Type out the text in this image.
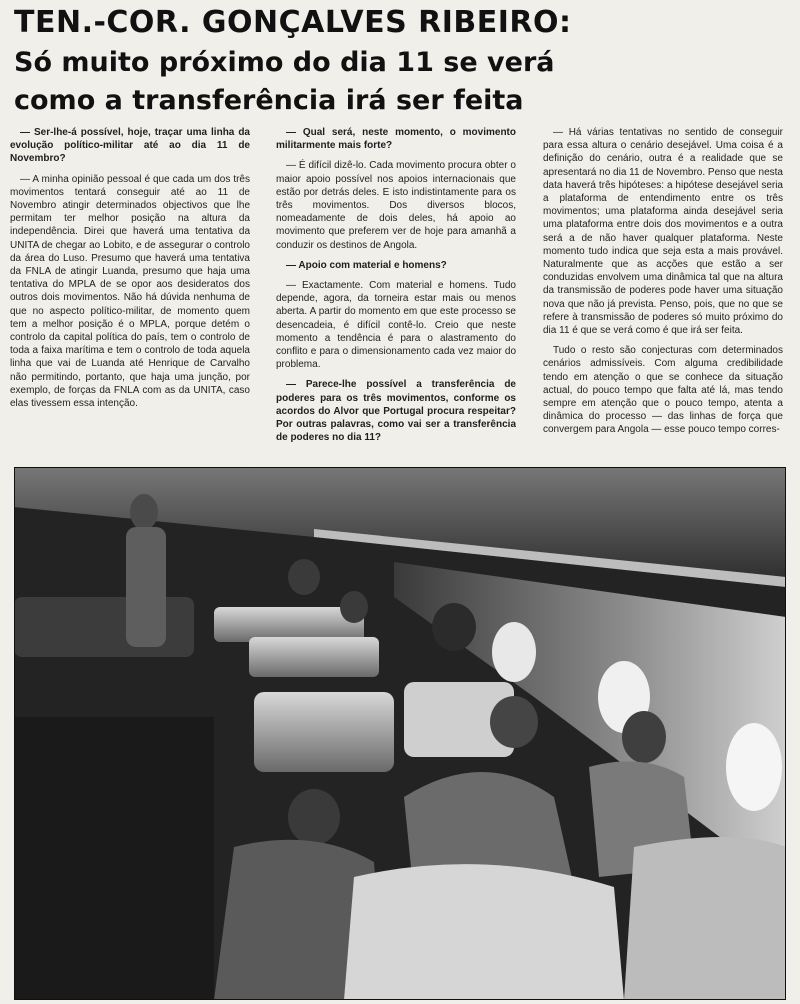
TEN.-COR. GONÇALVES RIBEIRO:
Só muito próximo do dia 11 se verá
como a transferência irá ser feita

— Ser-lhe-á possível, hoje, traçar uma linha da evolução político-militar até ao dia 11 de Novembro?

— A minha opinião pessoal é que cada um dos três movimentos tentará conseguir até ao 11 de Novembro atingir determinados objectivos que lhe permitam ter melhor posição na altura da independência. Direi que haverá uma tentativa da UNITA de chegar ao Lobito, e de assegurar o controlo da área do Luso. Presumo que haverá uma tentativa da FNLA de atingir Luanda, presumo que haja uma tentativa do MPLA de se opor aos desideratos dos outros dois movimentos. Não há dúvida nenhuma de que no aspecto político-militar, de momento quem tem a melhor posição é o MPLA, porque detém o controlo da capital política do país, tem o controlo de toda a faixa marítima e tem o controlo de toda aquela linha que vai de Luanda até Henrique de Carvalho não permitindo, portanto, que haja uma junção, por exemplo, de forças da FNLA com as da UNITA, caso elas tivessem essa intenção.

— Qual será, neste momento, o movimento militarmente mais forte?

— É difícil dizê-lo. Cada movimento procura obter o maior apoio possível nos apoios internacionais que estão por detrás deles. E isto indistintamente para os três movimentos. Dos diversos blocos, nomeadamente de dois deles, há apoio ao movimento que preferem ver de hoje para amanhã a conduzir os destinos de Angola.

— Apoio com material e homens?

— Exactamente. Com material e homens. Tudo depende, agora, da torneira estar mais ou menos aberta. A partir do momento em que este processo se desencadeia, é difícil contê-lo. Creio que neste momento a tendência é para o alastramento do conflito e para o dimensionamento cada vez maior do problema.

— Parece-lhe possível a transferência de poderes para os três movimentos, conforme os acordos do Alvor que Portugal procura respeitar? Por outras palavras, como vai ser a transferência de poderes no dia 11?

— Há várias tentativas no sentido de conseguir para essa altura o cenário desejável. Uma coisa é a definição do cenário, outra é a realidade que se apresentará no dia 11 de Novembro. Penso que nesta data haverá três hipóteses: a hipótese desejável seria a plataforma de entendimento entre os três movimentos; uma plataforma ainda desejável seria uma plataforma entre dois dos movimentos e a outra será a de não haver qualquer plataforma. Neste momento tudo indica que seja esta a mais provável. Naturalmente que as acções que estão a ser conduzidas envolvem uma dinâmica tal que na altura da transmissão de poderes pode haver uma situação nova que não já prevista. Penso, pois, que no que se refere à transmissão de poderes só muito próximo do dia 11 é que se verá como é que irá ser feita.

Tudo o resto são conjecturas com determinados cenários admissíveis. Com alguma credibilidade tendo em atenção o que se conhece da situação actual, do pouco tempo que falta até lá, mas tendo sempre em atenção que o pouco tempo, atenta a dinâmica do processo — das linhas de força que convergem para Angola — esse pouco tempo corres-
